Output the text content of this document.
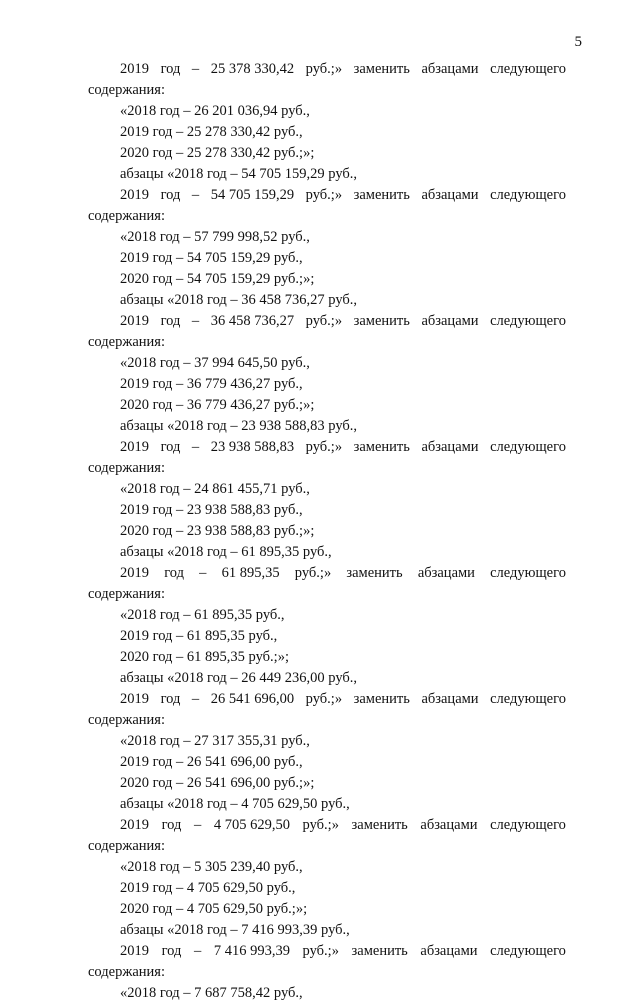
5
2019 год – 25 378 330,42 руб.;» заменить абзацами следующего
содержания:
«2018 год – 26 201 036,94 руб.,
2019 год – 25 278 330,42 руб.,
2020 год – 25 278 330,42 руб.;»;
абзацы «2018 год – 54 705 159,29 руб.,
2019 год – 54 705 159,29 руб.;» заменить абзацами следующего
содержания:
«2018 год – 57 799 998,52 руб.,
2019 год – 54 705 159,29 руб.,
2020 год – 54 705 159,29 руб.;»;
абзацы «2018 год – 36 458 736,27 руб.,
2019 год – 36 458 736,27 руб.;» заменить абзацами следующего
содержания:
«2018 год – 37 994 645,50 руб.,
2019 год – 36 779 436,27 руб.,
2020 год – 36 779 436,27 руб.;»;
абзацы «2018 год – 23 938 588,83 руб.,
2019 год – 23 938 588,83 руб.;» заменить абзацами следующего
содержания:
«2018 год – 24 861 455,71 руб.,
2019 год – 23 938 588,83 руб.,
2020 год – 23 938 588,83 руб.;»;
абзацы «2018 год – 61 895,35 руб.,
2019 год – 61 895,35 руб.;» заменить абзацами следующего
содержания:
«2018 год – 61 895,35 руб.,
2019 год – 61 895,35 руб.,
2020 год – 61 895,35 руб.;»;
абзацы «2018 год – 26 449 236,00 руб.,
2019 год – 26 541 696,00 руб.;» заменить абзацами следующего
содержания:
«2018 год – 27 317 355,31 руб.,
2019 год – 26 541 696,00 руб.,
2020 год – 26 541 696,00 руб.;»;
абзацы «2018 год – 4 705 629,50 руб.,
2019 год – 4 705 629,50 руб.;» заменить абзацами следующего
содержания:
«2018 год – 5 305 239,40 руб.,
2019 год – 4 705 629,50 руб.,
2020 год – 4 705 629,50 руб.;»;
абзацы «2018 год – 7 416 993,39 руб.,
2019 год – 7 416 993,39 руб.;» заменить абзацами следующего
содержания:
«2018 год – 7 687 758,42 руб.,
